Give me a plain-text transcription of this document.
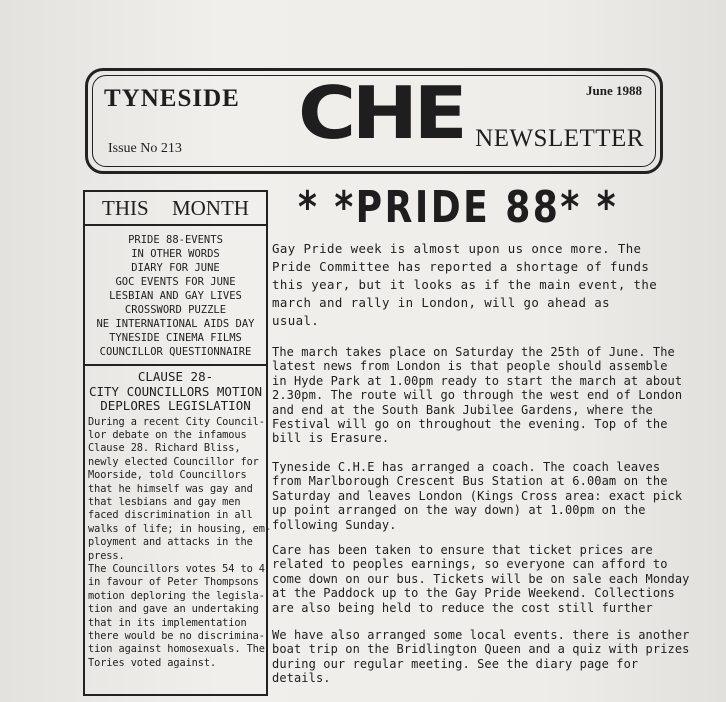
TYNESIDE
Issue No 213 CHE	June 1988
NEWSLETTER
THIS MONTH
PRIDE 88-EVENTS
IN OTHER WORDS
DIARY FOR JUNE
GOC EVENTS FOR JUNE
LESBIAN AND GAY LIVES
CROSSWORD PUZZLE
NE INTERNATIONAL AIDS DAY
TYNESIDE CINEMA FILMS
COUNCILLOR QUESTIONNAIRE
CLAUSE 28-
CITY COUNCILLORS MOTION
DEPLORES LEGISLATION
During a recent City Council-
lor debate on the infamous
Clause 28. Richard Bliss,
newly elected Councillor for
Moorside, told Councillors
that he himself was gay and
that lesbians and gay men
faced discrimination in all
walks of life; in housing, em-
ployment and attacks in the
press.
The Councillors votes 54 to 4
in favour of Peter Thompsons
motion deploring the legisla-
tion and gave an undertaking
that in its implementation
there would be no discrimina-
tion against homosexuals. The
Tories voted against.
* *PRIDE 88* *
Gay Pride week is almost upon us once more. The
Pride Committee has reported a shortage of funds
this year, but it looks as if the main event, the
march and rally in London, will go ahead as
usual.
The march takes place on Saturday the 25th of June. The
latest news from London is that people should assemble
in Hyde Park at 1.00pm ready to start the march at about
2.30pm. The route will go through the west end of London
and end at the South Bank Jubilee Gardens, where the
Festival will go on throughout the evening. Top of the
bill is Erasure.
Tyneside C.H.E has arranged a coach. The coach leaves
from Marlborough Crescent Bus Station at 6.00am on the
Saturday and leaves London (Kings Cross area: exact pick
up point arranged on the way down) at 1.00pm on the
following Sunday.
Care has been taken to ensure that ticket prices are
related to peoples earnings, so everyone can afford to
come down on our bus. Tickets will be on sale each Monday
at the Paddock up to the Gay Pride Weekend. Collections
are also being held to reduce the cost still further
We have also arranged some local events. there is another
boat trip on the Bridlington Queen and a quiz with prizes
during our regular meeting. See the diary page for
details.
